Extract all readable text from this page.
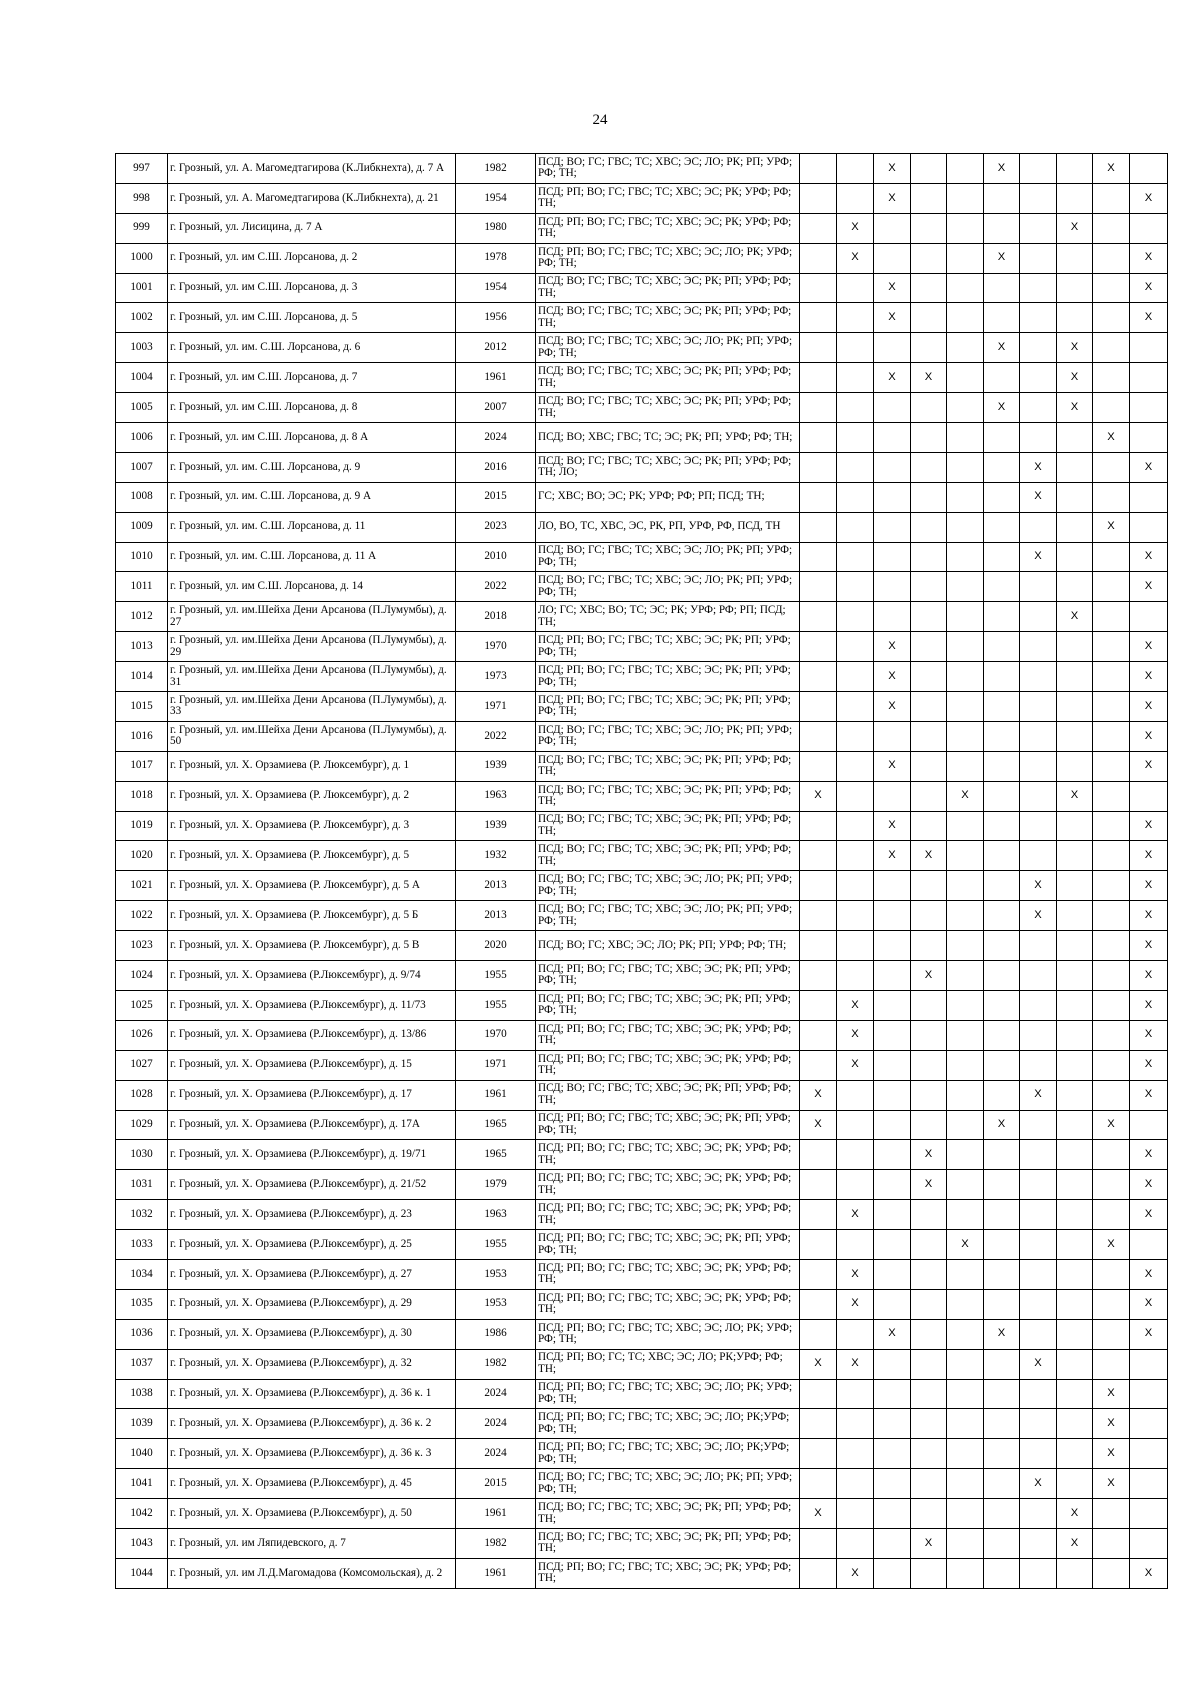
24
997	г. Грозный, ул. А. Магомедтагирова (К.Либкнехта), д. 7 А	1982	ПСД; ВО; ГС; ГВС; ТС; ХВС; ЭС; ЛО; РК; РП; УРФ; РФ; ТН;			X			X			X	
998	г. Грозный, ул. А. Магомедтагирова (К.Либкнехта), д. 21	1954	ПСД; РП; ВО; ГС; ГВС; ТС; ХВС; ЭС; РК; УРФ; РФ; ТН;			X							X
999	г. Грозный, ул. Лисицина, д. 7 А	1980	ПСД; РП; ВО; ГС; ГВС; ТС; ХВС; ЭС; РК; УРФ; РФ; ТН;		X						X		
1000	г. Грозный, ул. им С.Ш. Лорсанова, д. 2	1978	ПСД; РП; ВО; ГС; ГВС; ТС; ХВС; ЭС; ЛО; РК; УРФ; РФ; ТН;		X				X				X
1001	г. Грозный, ул. им С.Ш. Лорсанова, д. 3	1954	ПСД; ВО; ГС; ГВС; ТС; ХВС; ЭС; РК; РП; УРФ; РФ; ТН;			X							X
1002	г. Грозный, ул. им С.Ш. Лорсанова, д. 5	1956	ПСД; ВО; ГС; ГВС; ТС; ХВС; ЭС; РК; РП; УРФ; РФ; ТН;			X							X
1003	г. Грозный, ул. им. С.Ш. Лорсанова, д. 6	2012	ПСД; ВО; ГС; ГВС; ТС; ХВС; ЭС; ЛО; РК; РП; УРФ; РФ; ТН;						X		X		
1004	г. Грозный, ул. им С.Ш. Лорсанова, д. 7	1961	ПСД; ВО; ГС; ГВС; ТС; ХВС; ЭС; РК; РП; УРФ; РФ; ТН;			X	X				X		
1005	г. Грозный, ул. им С.Ш. Лорсанова, д. 8	2007	ПСД; ВО; ГС; ГВС; ТС; ХВС; ЭС; РК; РП; УРФ; РФ; ТН;						X		X		
1006	г. Грозный, ул. им С.Ш. Лорсанова, д. 8 А	2024	ПСД; ВО; ХВС; ГВС; ТС; ЭС; РК; РП; УРФ; РФ; ТН;									X	
1007	г. Грозный, ул. им. С.Ш. Лорсанова, д. 9	2016	ПСД; ВО; ГС; ГВС; ТС; ХВС; ЭС; РК; РП; УРФ; РФ; ТН; ЛО;							X			X
1008	г. Грозный, ул. им. С.Ш. Лорсанова, д. 9 А	2015	ГС; ХВС; ВО; ЭС; РК; УРФ; РФ; РП; ПСД; ТН;							X			
1009	г. Грозный, ул. им. С.Ш. Лорсанова, д. 11	2023	ЛО, ВО, ТС, ХВС, ЭС, РК, РП, УРФ, РФ, ПСД, ТН									X	
1010	г. Грозный, ул. им. С.Ш. Лорсанова, д. 11 А	2010	ПСД; ВО; ГС; ГВС; ТС; ХВС; ЭС; ЛО; РК; РП; УРФ; РФ; ТН;							X			X
1011	г. Грозный, ул. им С.Ш. Лорсанова, д. 14	2022	ПСД; ВО; ГС; ГВС; ТС; ХВС; ЭС; ЛО; РК; РП; УРФ; РФ; ТН;										X
1012	г. Грозный, ул. им.Шейха Дени Арсанова (П.Лумумбы), д. 27	2018	ЛО; ГС; ХВС; ВО; ТС; ЭС; РК; УРФ; РФ; РП; ПСД; ТН;								X		
1013	г. Грозный, ул. им.Шейха Дени Арсанова (П.Лумумбы), д. 29	1970	ПСД; РП; ВО; ГС; ГВС; ТС; ХВС; ЭС; РК; РП; УРФ; РФ; ТН;			X							X
1014	г. Грозный, ул. им.Шейха Дени Арсанова (П.Лумумбы), д. 31	1973	ПСД; РП; ВО; ГС; ГВС; ТС; ХВС; ЭС; РК; РП; УРФ; РФ; ТН;			X							X
1015	г. Грозный, ул. им.Шейха Дени Арсанова (П.Лумумбы), д. 33	1971	ПСД; РП; ВО; ГС; ГВС; ТС; ХВС; ЭС; РК; РП; УРФ; РФ; ТН;			X							X
1016	г. Грозный, ул. им.Шейха Дени Арсанова (П.Лумумбы), д. 50	2022	ПСД; ВО; ГС; ГВС; ТС; ХВС; ЭС; ЛО; РК; РП; УРФ; РФ; ТН;										X
1017	г. Грозный, ул. Х. Орзамиева (Р. Люксембург), д. 1	1939	ПСД; ВО; ГС; ГВС; ТС; ХВС; ЭС; РК; РП; УРФ; РФ; ТН;			X							X
1018	г. Грозный, ул. Х. Орзамиева (Р. Люксембург), д. 2	1963	ПСД; ВО; ГС; ГВС; ТС; ХВС; ЭС; РК; РП; УРФ; РФ; ТН;	X				X			X		
1019	г. Грозный, ул. Х. Орзамиева (Р. Люксембург), д. 3	1939	ПСД; ВО; ГС; ГВС; ТС; ХВС; ЭС; РК; РП; УРФ; РФ; ТН;			X							X
1020	г. Грозный, ул. Х. Орзамиева (Р. Люксембург), д. 5	1932	ПСД; ВО; ГС; ГВС; ТС; ХВС; ЭС; РК; РП; УРФ; РФ; ТН;			X	X						X
1021	г. Грозный, ул. Х. Орзамиева (Р. Люксембург), д. 5 А	2013	ПСД; ВО; ГС; ГВС; ТС; ХВС; ЭС; ЛО; РК; РП; УРФ; РФ; ТН;							X			X
1022	г. Грозный, ул. Х. Орзамиева (Р. Люксембург), д. 5 Б	2013	ПСД; ВО; ГС; ГВС; ТС; ХВС; ЭС; ЛО; РК; РП; УРФ; РФ; ТН;							X			X
1023	г. Грозный, ул. Х. Орзамиева (Р. Люксембург), д. 5 В	2020	ПСД; ВО; ГС; ХВС; ЭС; ЛО; РК; РП; УРФ; РФ; ТН;										X
1024	г. Грозный, ул. Х. Орзамиева (Р.Люксембург), д. 9/74	1955	ПСД; РП; ВО; ГС; ГВС; ТС; ХВС; ЭС; РК; РП; УРФ; РФ; ТН;				X						X
1025	г. Грозный, ул. Х. Орзамиева (Р.Люксембург), д. 11/73	1955	ПСД; РП; ВО; ГС; ГВС; ТС; ХВС; ЭС; РК; РП; УРФ; РФ; ТН;		X								X
1026	г. Грозный, ул. Х. Орзамиева (Р.Люксембург), д. 13/86	1970	ПСД; РП; ВО; ГС; ГВС; ТС; ХВС; ЭС; РК; УРФ; РФ; ТН;		X								X
1027	г. Грозный, ул. Х. Орзамиева (Р.Люксембург), д. 15	1971	ПСД; РП; ВО; ГС; ГВС; ТС; ХВС; ЭС; РК; УРФ; РФ; ТН;		X								X
1028	г. Грозный, ул. Х. Орзамиева (Р.Люксембург), д. 17	1961	ПСД; ВО; ГС; ГВС; ТС; ХВС; ЭС; РК; РП; УРФ; РФ; ТН;	X						X			X
1029	г. Грозный, ул. Х. Орзамиева (Р.Люксембург), д. 17А	1965	ПСД; РП; ВО; ГС; ГВС; ТС; ХВС; ЭС; РК; РП; УРФ; РФ; ТН;	X					X			X	
1030	г. Грозный, ул. Х. Орзамиева (Р.Люксембург), д. 19/71	1965	ПСД; РП; ВО; ГС; ГВС; ТС; ХВС; ЭС; РК; УРФ; РФ; ТН;				X						X
1031	г. Грозный, ул. Х. Орзамиева (Р.Люксембург), д. 21/52	1979	ПСД; РП; ВО; ГС; ГВС; ТС; ХВС; ЭС; РК; УРФ; РФ; ТН;				X						X
1032	г. Грозный, ул. Х. Орзамиева (Р.Люксембург), д. 23	1963	ПСД; РП; ВО; ГС; ГВС; ТС; ХВС; ЭС; РК; УРФ; РФ; ТН;		X								X
1033	г. Грозный, ул. Х. Орзамиева (Р.Люксембург), д. 25	1955	ПСД; РП; ВО; ГС; ГВС; ТС; ХВС; ЭС; РК; РП; УРФ; РФ; ТН;					X				X	
1034	г. Грозный, ул. Х. Орзамиева (Р.Люксембург), д. 27	1953	ПСД; РП; ВО; ГС; ГВС; ТС; ХВС; ЭС; РК; УРФ; РФ; ТН;		X								X
1035	г. Грозный, ул. Х. Орзамиева (Р.Люксембург), д. 29	1953	ПСД; РП; ВО; ГС; ГВС; ТС; ХВС; ЭС; РК; УРФ; РФ; ТН;		X								X
1036	г. Грозный, ул. Х. Орзамиева (Р.Люксембург), д. 30	1986	ПСД; РП; ВО; ГС; ГВС; ТС; ХВС; ЭС; ЛО; РК; УРФ; РФ; ТН;			X			X				X
1037	г. Грозный, ул. Х. Орзамиева (Р.Люксембург), д. 32	1982	ПСД; РП; ВО; ГС; ТС; ХВС; ЭС; ЛО; РК;УРФ; РФ; ТН;	X	X					X			
1038	г. Грозный, ул. Х. Орзамиева (Р.Люксембург), д. 36 к. 1	2024	ПСД; РП; ВО; ГС; ГВС; ТС; ХВС; ЭС; ЛО; РК; УРФ; РФ; ТН;									X	
1039	г. Грозный, ул. Х. Орзамиева (Р.Люксембург), д. 36 к. 2	2024	ПСД; РП; ВО; ГС; ГВС; ТС; ХВС; ЭС; ЛО; РК;УРФ; РФ; ТН;									X	
1040	г. Грозный, ул. Х. Орзамиева (Р.Люксембург), д. 36 к. 3	2024	ПСД; РП; ВО; ГС; ГВС; ТС; ХВС; ЭС; ЛО; РК;УРФ; РФ; ТН;									X	
1041	г. Грозный, ул. Х. Орзамиева (Р.Люксембург), д. 45	2015	ПСД; ВО; ГС; ГВС; ТС; ХВС; ЭС; ЛО; РК; РП; УРФ; РФ; ТН;							X		X	
1042	г. Грозный, ул. Х. Орзамиева (Р.Люксембург), д. 50	1961	ПСД; ВО; ГС; ГВС; ТС; ХВС; ЭС; РК; РП; УРФ; РФ; ТН;	X							X		
1043	г. Грозный, ул. им Ляпидевского, д. 7	1982	ПСД; ВО; ГС; ГВС; ТС; ХВС; ЭС; РК; РП; УРФ; РФ; ТН;				X				X		
1044	г. Грозный, ул. им Л.Д.Магомадова (Комсомольская), д. 2	1961	ПСД; РП; ВО; ГС; ГВС; ТС; ХВС; ЭС; РК; УРФ; РФ; ТН;		X								X
